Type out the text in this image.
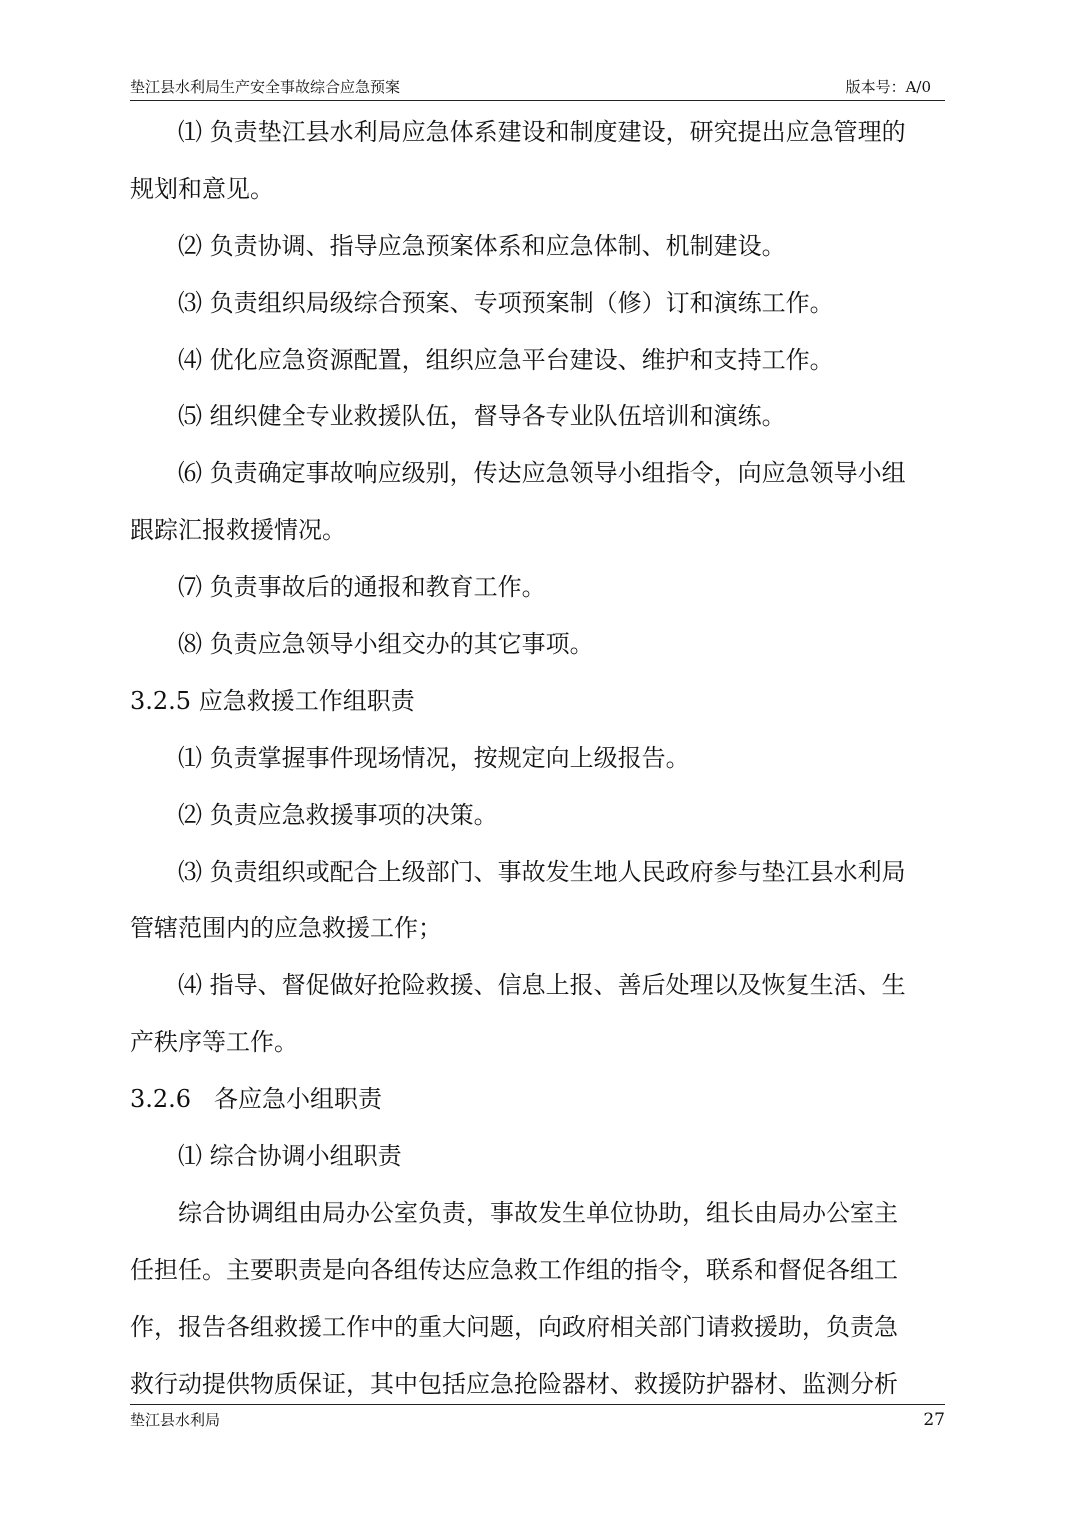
垫江县水利局生产安全事故综合应急预案	版本号：A/0
⑴ 负责垫江县水利局应急体系建设和制度建设，研究提出应急管理的
规划和意见。
⑵ 负责协调、指导应急预案体系和应急体制、机制建设。
⑶ 负责组织局级综合预案、专项预案制（修）订和演练工作。
⑷ 优化应急资源配置，组织应急平台建设、维护和支持工作。
⑸ 组织健全专业救援队伍，督导各专业队伍培训和演练。
⑹ 负责确定事故响应级别，传达应急领导小组指令，向应急领导小组
跟踪汇报救援情况。
⑺ 负责事故后的通报和教育工作。
⑻ 负责应急领导小组交办的其它事项。
3.2.5 应急救援工作组职责
⑴ 负责掌握事件现场情况，按规定向上级报告。
⑵ 负责应急救援事项的决策。
⑶ 负责组织或配合上级部门、事故发生地人民政府参与垫江县水利局
管辖范围内的应急救援工作；
⑷ 指导、督促做好抢险救援、信息上报、善后处理以及恢复生活、生
产秩序等工作。
3.2.6   各应急小组职责
⑴ 综合协调小组职责
综合协调组由局办公室负责，事故发生单位协助，组长由局办公室主
任担任。主要职责是向各组传达应急救工作组的指令，联系和督促各组工
作，报告各组救援工作中的重大问题，向政府相关部门请救援助，负责急
救行动提供物质保证，其中包括应急抢险器材、救援防护器材、监测分析
垫江县水利局	27
